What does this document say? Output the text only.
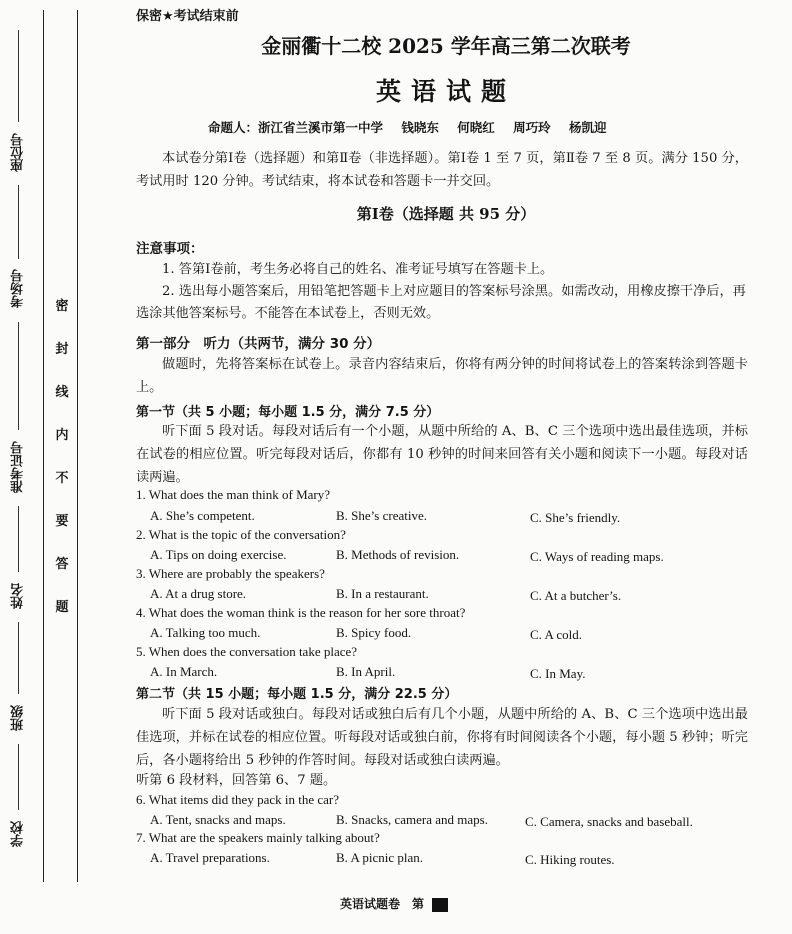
座位号
考场号
准考证号
姓名
班级
学校
密
封
线
内
不
要
答
题
保密★考试结束前
金丽衢十二校 2025 学年高三第二次联考
英语试题
命题人：浙江省兰溪市第一中学 钱晓东 何晓红 周巧玲 杨凯迎
本试卷分第Ⅰ卷（选择题）和第Ⅱ卷（非选择题）。第Ⅰ卷 1 至 7 页，第Ⅱ卷 7 至 8 页。满分 150 分，考试用时 120 分钟。考试结束，将本试卷和答题卡一并交回。
第Ⅰ卷（选择题 共 95 分）
注意事项：
1. 答第Ⅰ卷前，考生务必将自己的姓名、准考证号填写在答题卡上。
2. 选出每小题答案后，用铅笔把答题卡上对应题目的答案标号涂黑。如需改动，用橡皮擦干净后，再选涂其他答案标号。不能答在本试卷上，否则无效。
第一部分　听力（共两节，满分 30 分）
做题时，先将答案标在试卷上。录音内容结束后，你将有两分钟的时间将试卷上的答案转涂到答题卡上。
第一节（共 5 小题；每小题 1.5 分，满分 7.5 分）
听下面 5 段对话。每段对话后有一个小题，从题中所给的 A、B、C 三个选项中选出最佳选项，并标在试卷的相应位置。听完每段对话后，你都有 10 秒钟的时间来回答有关小题和阅读下一小题。每段对话读两遍。
1. What does the man think of Mary?
A. She’s competent.	B. She’s creative.	C. She’s friendly.
2. What is the topic of the conversation?
A. Tips on doing exercise.	B. Methods of revision.	C. Ways of reading maps.
3. Where are probably the speakers?
A. At a drug store.	B. In a restaurant.	C. At a butcher’s.
4. What does the woman think is the reason for her sore throat?
A. Talking too much.	B. Spicy food.	C. A cold.
5. When does the conversation take place?
A. In March.	B. In April.	C. In May.
第二节（共 15 小题；每小题 1.5 分，满分 22.5 分）
听下面 5 段对话或独白。每段对话或独白后有几个小题，从题中所给的 A、B、C 三个选项中选出最佳选项，并标在试卷的相应位置。听每段对话或独白前，你将有时间阅读各个小题，每小题 5 秒钟；听完后，各小题将给出 5 秒钟的作答时间。每段对话或独白读两遍。
听第 6 段材料，回答第 6、7 题。
6. What items did they pack in the car?
A. Tent, snacks and maps.	B. Snacks, camera and maps.	C. Camera, snacks and baseball.
7. What are the speakers mainly talking about?
A. Travel preparations.	B. A picnic plan.	C. Hiking routes.
英语试题卷　第
